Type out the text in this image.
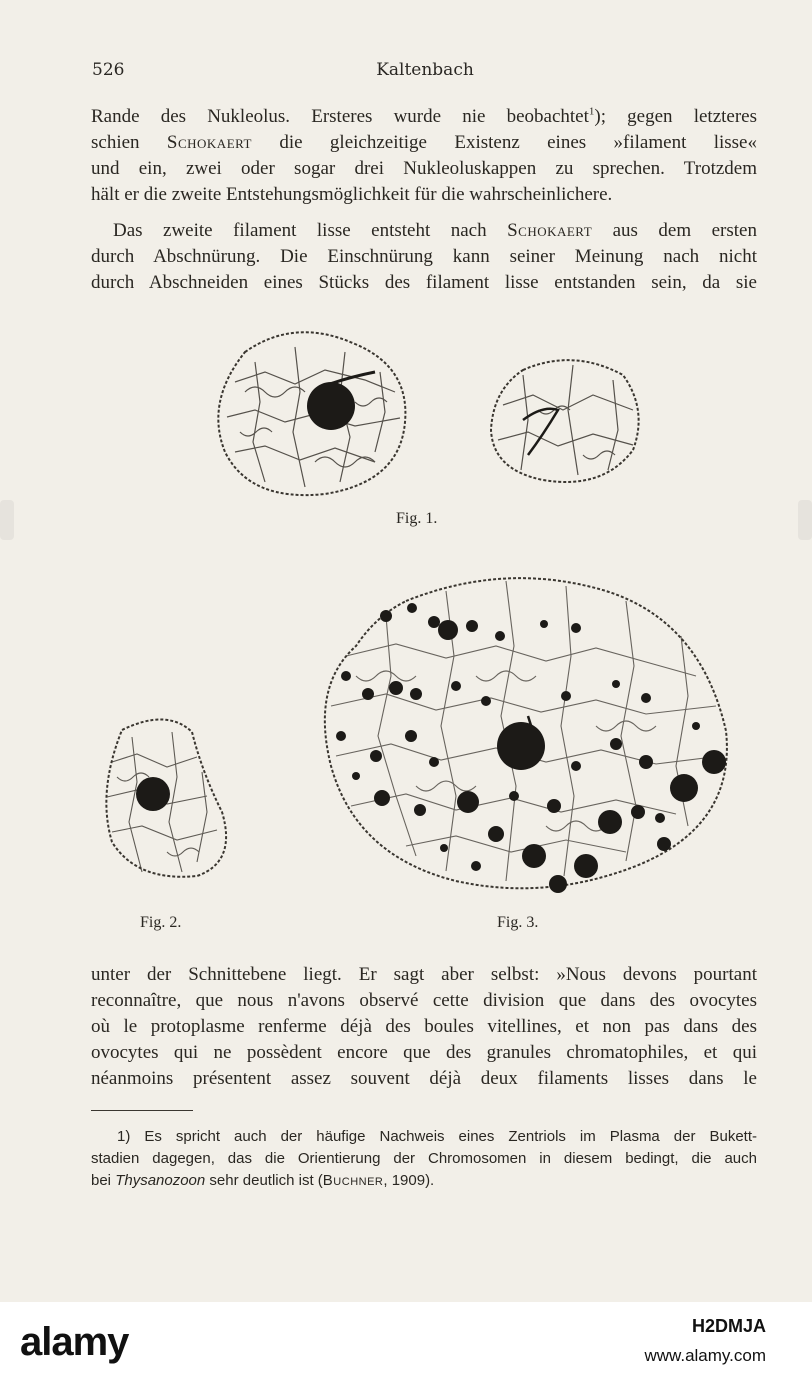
526	Kaltenbach
Rande des Nukleolus. Ersteres wurde nie beobachtet$^1$); gegen letzteres
schien Schokaert die gleichzeitige Existenz eines »filament lisse«
und ein, zwei oder sogar drei Nukleoluskappen zu sprechen. Trotzdem
hält er die zweite Entstehungsmöglichkeit für die wahrscheinlichere.
Das zweite filament lisse entsteht nach Schokaert aus dem ersten
durch Abschnürung. Die Einschnürung kann seiner Meinung nach nicht
durch Abschneiden eines Stücks des filament lisse entstanden sein, da sie
Fig. 1.
Fig. 2.	Fig. 3.
unter der Schnittebene liegt. Er sagt aber selbst: »Nous devons pourtant
reconnaître, que nous n'avons observé cette division que dans des ovocytes
où le protoplasme renferme déjà des boules vitellines, et non pas dans des
ovocytes qui ne possèdent encore que des granules chromatophiles, et qui
néanmoins présentent assez souvent déjà deux filaments lisses dans le
1) Es spricht auch der häufige Nachweis eines Zentriols im Plasma der Bukett-
stadien dagegen, das die Orientierung der Chromosomen in diesem bedingt, die auch
bei Thysanozoon sehr deutlich ist (Buchner, 1909).
alamy	H2DMJA
www.alamy.com
